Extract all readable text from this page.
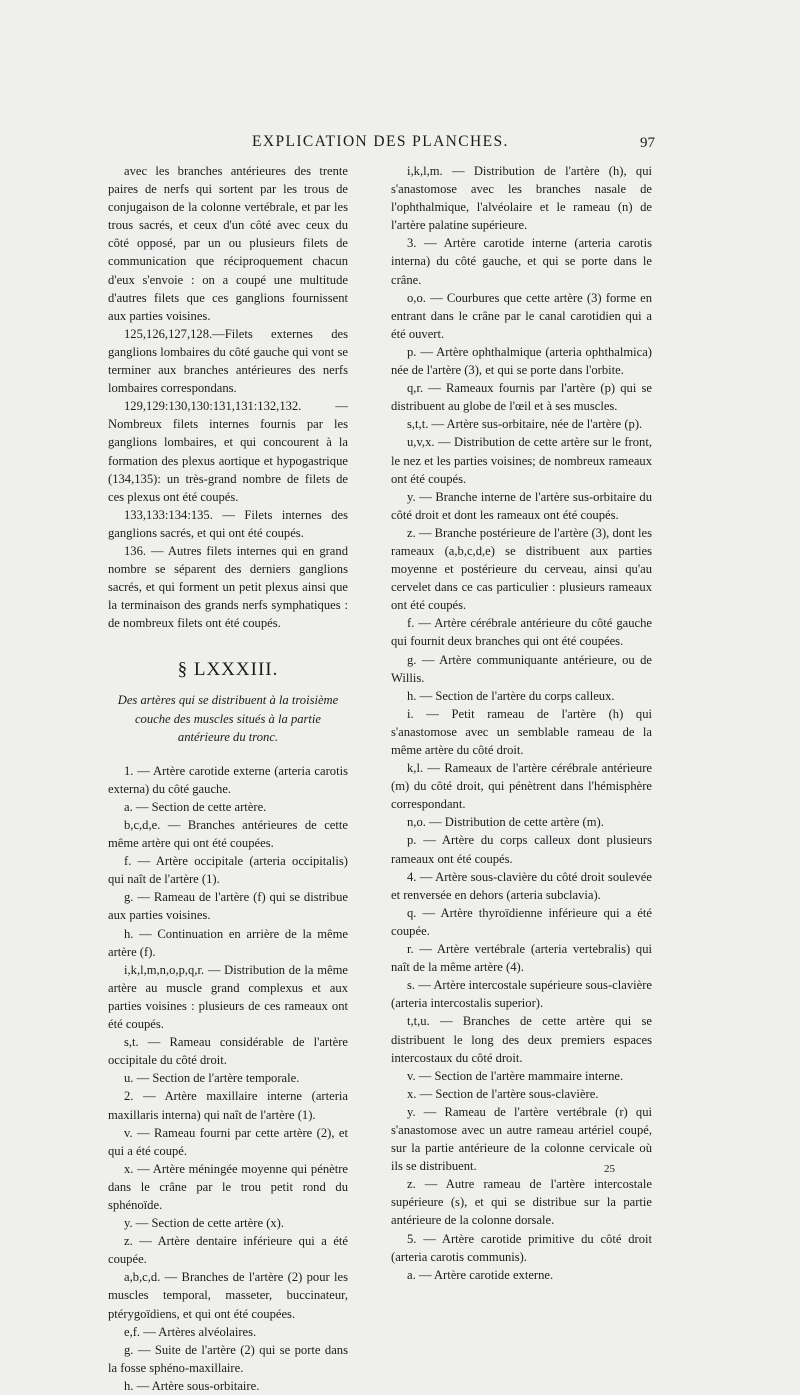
EXPLICATION DES PLANCHES.	97

avec les branches antérieures des trente paires de nerfs qui sortent par les trous de conjugaison de la colonne vertébrale, et par les trous sacrés, et ceux d'un côté avec ceux du côté opposé, par un ou plusieurs filets de communication que réciproquement chacun d'eux s'envoie : on a coupé une multitude d'autres filets que ces ganglions fournissent aux parties voisines.

125,126,127,128.—Filets externes des ganglions lombaires du côté gauche qui vont se terminer aux branches antérieures des nerfs lombaires correspondans.

129,129:130,130:131,131:132,132. — Nombreux filets internes fournis par les ganglions lombaires, et qui concourent à la formation des plexus aortique et hypogastrique (134,135): un très-grand nombre de filets de ces plexus ont été coupés.

133,133:134:135. — Filets internes des ganglions sacrés, et qui ont été coupés.

136. — Autres filets internes qui en grand nombre se séparent des derniers ganglions sacrés, et qui forment un petit plexus ainsi que la terminaison des grands nerfs symphatiques : de nombreux filets ont été coupés.

§ LXXXIII.

Des artères qui se distribuent à la troisième couche des muscles situés à la partie antérieure du tronc.

1. — Artère carotide externe (arteria carotis externa) du côté gauche.

a. — Section de cette artère.

b,c,d,e. — Branches antérieures de cette même artère qui ont été coupées.

f. — Artère occipitale (arteria occipitalis) qui naît de l'artère (1).

g. — Rameau de l'artère (f) qui se distribue aux parties voisines.

h. — Continuation en arrière de la même artère (f).

i,k,l,m,n,o,p,q,r. — Distribution de la même artère au muscle grand complexus et aux parties voisines : plusieurs de ces rameaux ont été coupés.

s,t. — Rameau considérable de l'artère occipitale du côté droit.

u. — Section de l'artère temporale.

2. — Artère maxillaire interne (arteria maxillaris interna) qui naît de l'artère (1).

v. — Rameau fourni par cette artère (2), et qui a été coupé.

x. — Artère méningée moyenne qui pénètre dans le crâne par le trou petit rond du sphénoïde.

y. — Section de cette artère (x).

z. — Artère dentaire inférieure qui a été coupée.

a,b,c,d. — Branches de l'artère (2) pour les muscles temporal, masseter, buccinateur, ptérygoïdiens, et qui ont été coupées.

e,f. — Artères alvéolaires.

g. — Suite de l'artère (2) qui se porte dans la fosse sphéno-maxillaire.

h. — Artère sous-orbitaire.

i,k,l,m. — Distribution de l'artère (h), qui s'anastomose avec les branches nasale de l'ophthalmique, l'alvéolaire et le rameau (n) de l'artère palatine supérieure.

3. — Artère carotide interne (arteria carotis interna) du côté gauche, et qui se porte dans le crâne.

o,o. — Courbures que cette artère (3) forme en entrant dans le crâne par le canal carotidien qui a été ouvert.

p. — Artère ophthalmique (arteria ophthalmica) née de l'artère (3), et qui se porte dans l'orbite.

q,r. — Rameaux fournis par l'artère (p) qui se distribuent au globe de l'œil et à ses muscles.

s,t,t. — Artère sus-orbitaire, née de l'artère (p).

u,v,x. — Distribution de cette artère sur le front, le nez et les parties voisines; de nombreux rameaux ont été coupés.

y. — Branche interne de l'artère sus-orbitaire du côté droit et dont les rameaux ont été coupés.

z. — Branche postérieure de l'artère (3), dont les rameaux (a,b,c,d,e) se distribuent aux parties moyenne et postérieure du cerveau, ainsi qu'au cervelet dans ce cas particulier : plusieurs rameaux ont été coupés.

f. — Artère cérébrale antérieure du côté gauche qui fournit deux branches qui ont été coupées.

g. — Artère communiquante antérieure, ou de Willis.

h. — Section de l'artère du corps calleux.

i. — Petit rameau de l'artère (h) qui s'anastomose avec un semblable rameau de la même artère du côté droit.

k,l. — Rameaux de l'artère cérébrale antérieure (m) du côté droit, qui pénètrent dans l'hémisphère correspondant.

n,o. — Distribution de cette artère (m).

p. — Artère du corps calleux dont plusieurs rameaux ont été coupés.

4. — Artère sous-clavière du côté droit soulevée et renversée en dehors (arteria subclavia).

q. — Artère thyroïdienne inférieure qui a été coupée.

r. — Artère vertébrale (arteria vertebralis) qui naît de la même artère (4).

s. — Artère intercostale supérieure sous-clavière (arteria intercostalis superior).

t,t,u. — Branches de cette artère qui se distribuent le long des deux premiers espaces intercostaux du côté droit.

v. — Section de l'artère mammaire interne.

x. — Section de l'artère sous-clavière.

y. — Rameau de l'artère vertébrale (r) qui s'anastomose avec un autre rameau artériel coupé, sur la partie antérieure de la colonne cervicale où ils se distribuent.

z. — Autre rameau de l'artère intercostale supérieure (s), et qui se distribue sur la partie antérieure de la colonne dorsale.

5. — Artère carotide primitive du côté droit (arteria carotis communis).

a. — Artère carotide externe.

25
